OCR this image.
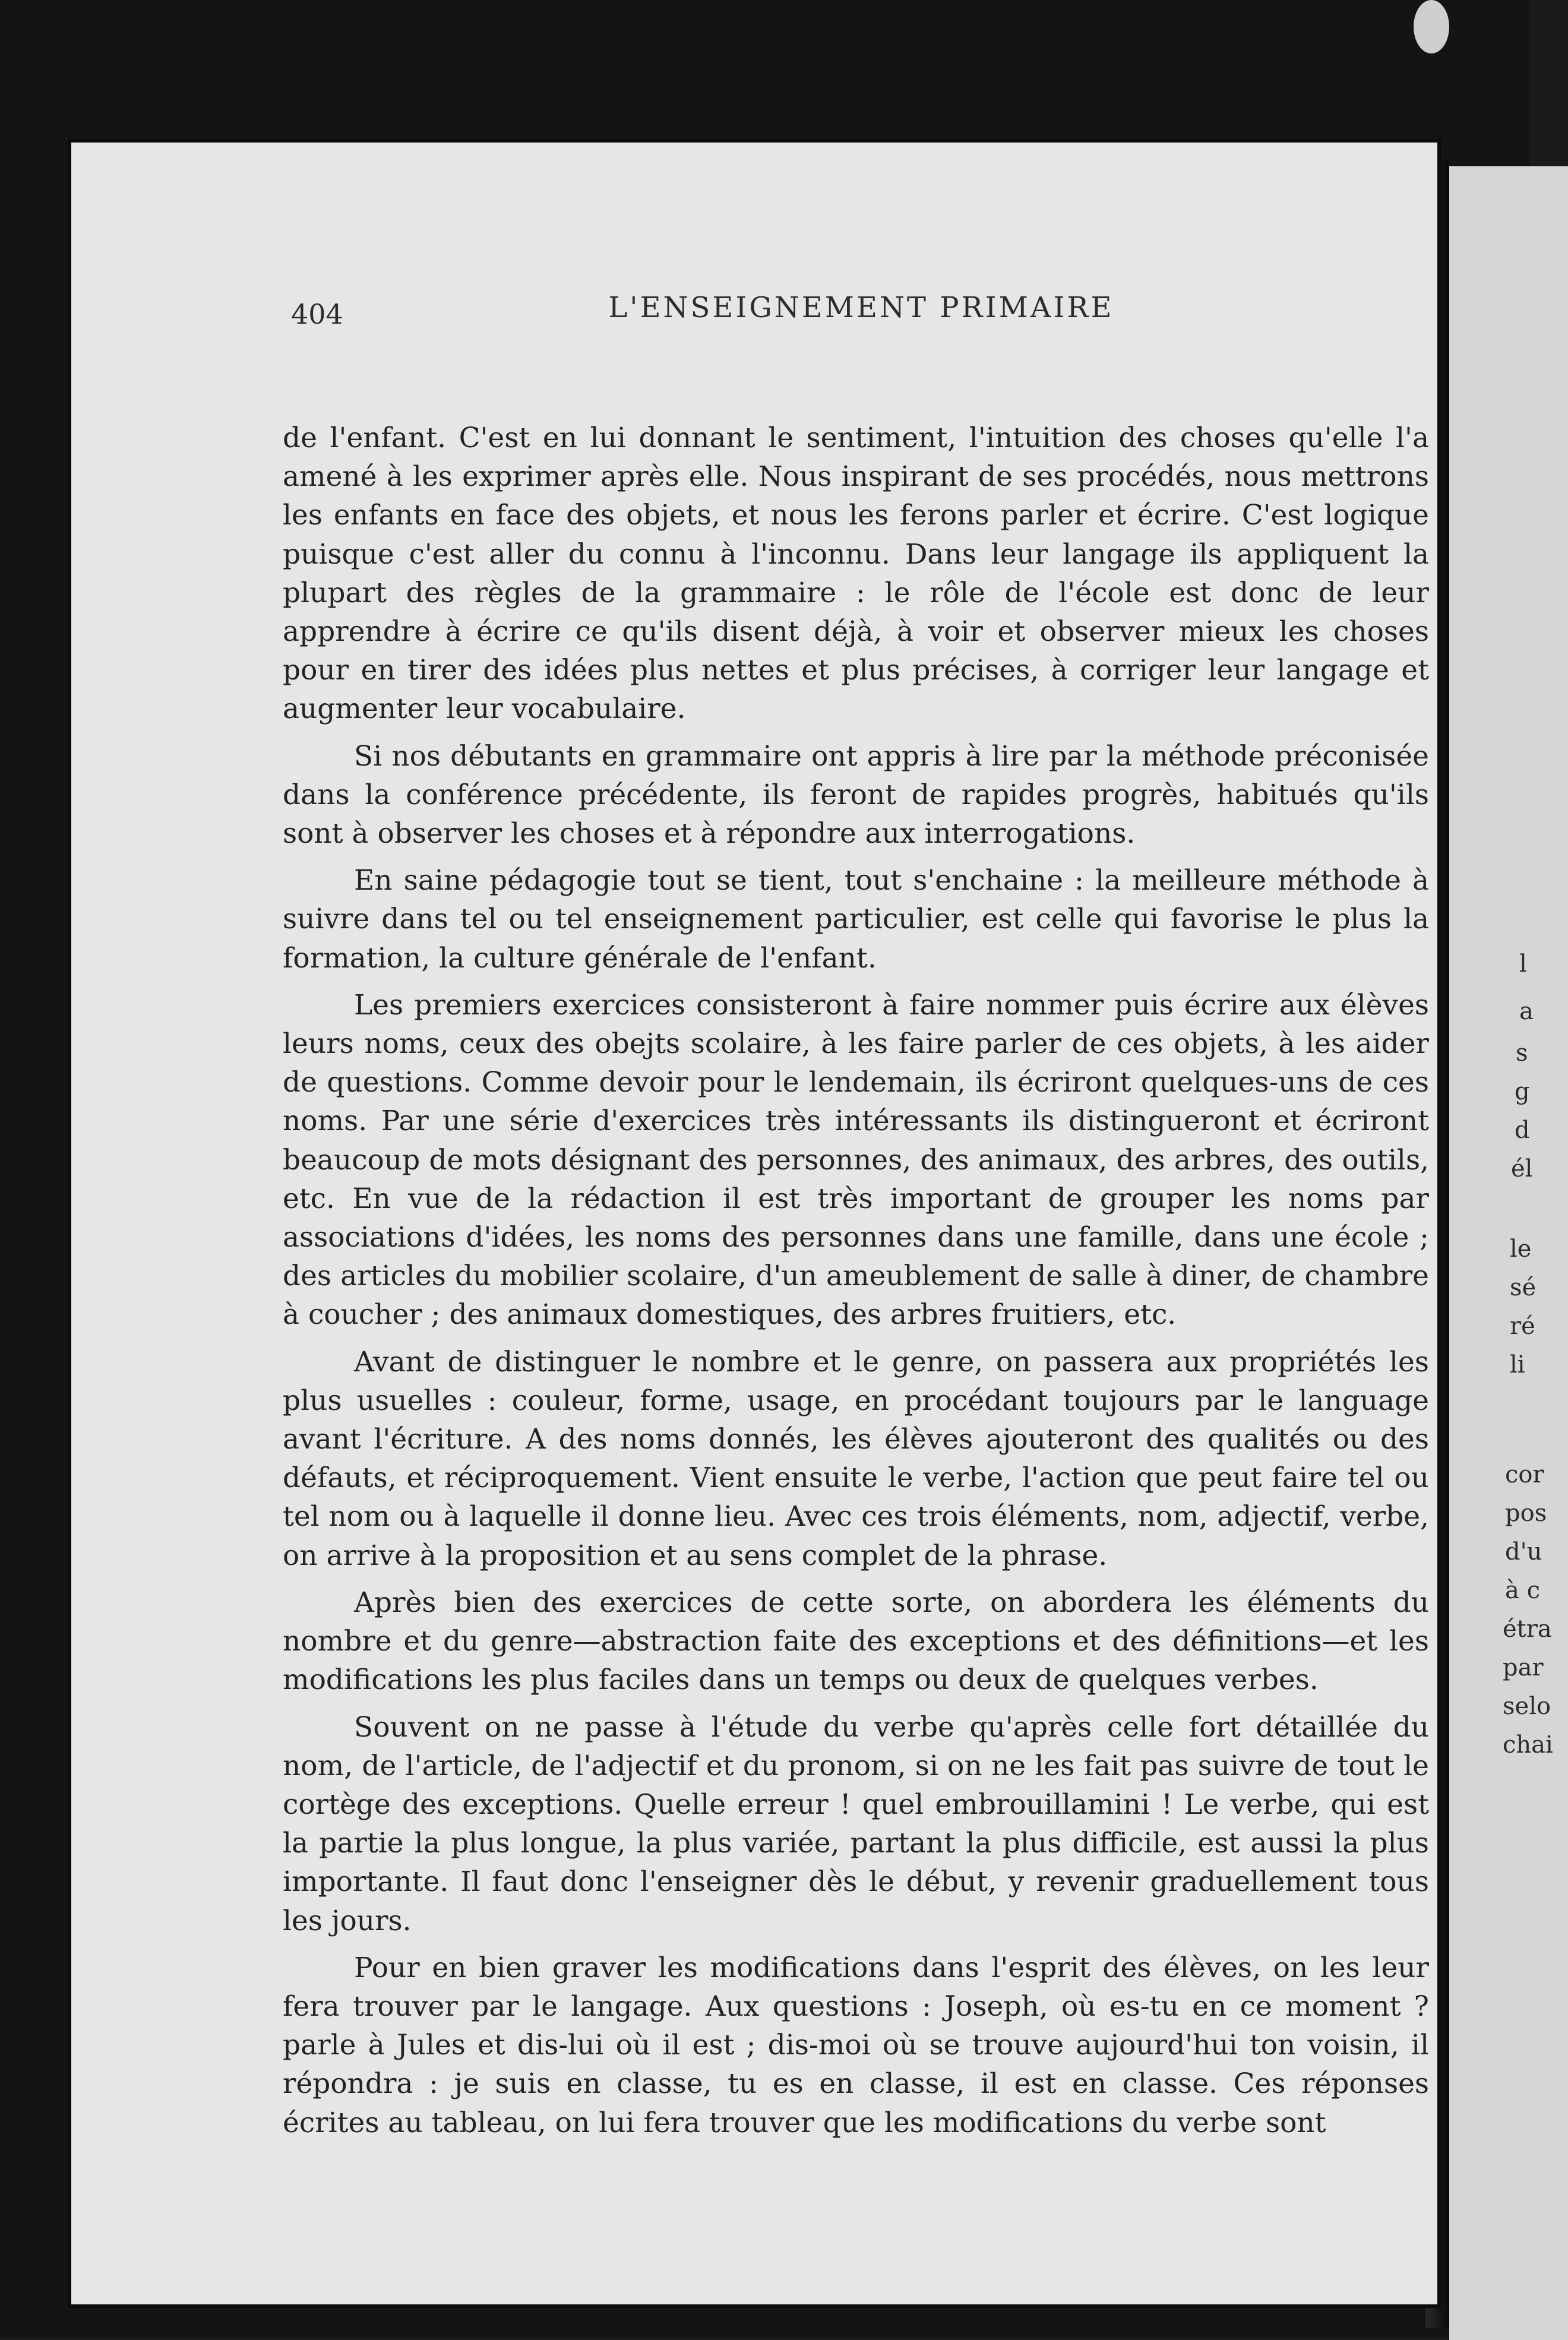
l
a
s
g
d
él
le
sé
ré
li
cor
pos
d'u
à c
étra
par
selo
chai
404	L'ENSEIGNEMENT PRIMAIRE

de l'enfant. C'est en lui donnant le sentiment, l'intuition des choses qu'elle l'a amené à les exprimer après elle. Nous inspirant de ses procédés, nous mettrons les enfants en face des objets, et nous les ferons parler et écrire. C'est logique puisque c'est aller du connu à l'inconnu. Dans leur langage ils appliquent la plupart des règles de la grammaire : le rôle de l'école est donc de leur apprendre à écrire ce qu'ils disent déjà, à voir et observer mieux les choses pour en tirer des idées plus nettes et plus précises, à corriger leur langage et augmenter leur vocabulaire.

Si nos débutants en grammaire ont appris à lire par la méthode préconisée dans la conférence précédente, ils feront de rapides progrès, habitués qu'ils sont à observer les choses et à répondre aux interrogations.

En saine pédagogie tout se tient, tout s'enchaine : la meilleure méthode à suivre dans tel ou tel enseignement particulier, est celle qui favorise le plus la formation, la culture générale de l'enfant.

Les premiers exercices consisteront à faire nommer puis écrire aux élèves leurs noms, ceux des obejts scolaire, à les faire parler de ces objets, à les aider de questions. Comme devoir pour le lendemain, ils écriront quelques-uns de ces noms. Par une série d'exercices très intéressants ils distingueront et écriront beaucoup de mots désignant des personnes, des animaux, des arbres, des outils, etc. En vue de la rédaction il est très important de grouper les noms par associations d'idées, les noms des personnes dans une famille, dans une école ; des articles du mobilier scolaire, d'un ameublement de salle à diner, de chambre à coucher ; des animaux domestiques, des arbres fruitiers, etc.

Avant de distinguer le nombre et le genre, on passera aux propriétés les plus usuelles : couleur, forme, usage, en procédant toujours par le language avant l'écriture. A des noms donnés, les élèves ajouteront des qualités ou des défauts, et réciproquement. Vient ensuite le verbe, l'action que peut faire tel ou tel nom ou à laquelle il donne lieu. Avec ces trois éléments, nom, adjectif, verbe, on arrive à la proposition et au sens complet de la phrase.

Après bien des exercices de cette sorte, on abordera les éléments du nombre et du genre—abstraction faite des exceptions et des définitions—et les modifications les plus faciles dans un temps ou deux de quelques verbes.

Souvent on ne passe à l'étude du verbe qu'après celle fort détaillée du nom, de l'article, de l'adjectif et du pronom, si on ne les fait pas suivre de tout le cortège des exceptions. Quelle erreur ! quel embrouillamini ! Le verbe, qui est la partie la plus longue, la plus variée, partant la plus difficile, est aussi la plus importante. Il faut donc l'enseigner dès le début, y revenir graduellement tous les jours.

Pour en bien graver les modifications dans l'esprit des élèves, on les leur fera trouver par le langage. Aux questions : Joseph, où es-tu en ce moment ? parle à Jules et dis-lui où il est ; dis-moi où se trouve aujourd'hui ton voisin, il répondra : je suis en classe, tu es en classe, il est en classe. Ces réponses écrites au tableau, on lui fera trouver que les modifications du verbe sont
